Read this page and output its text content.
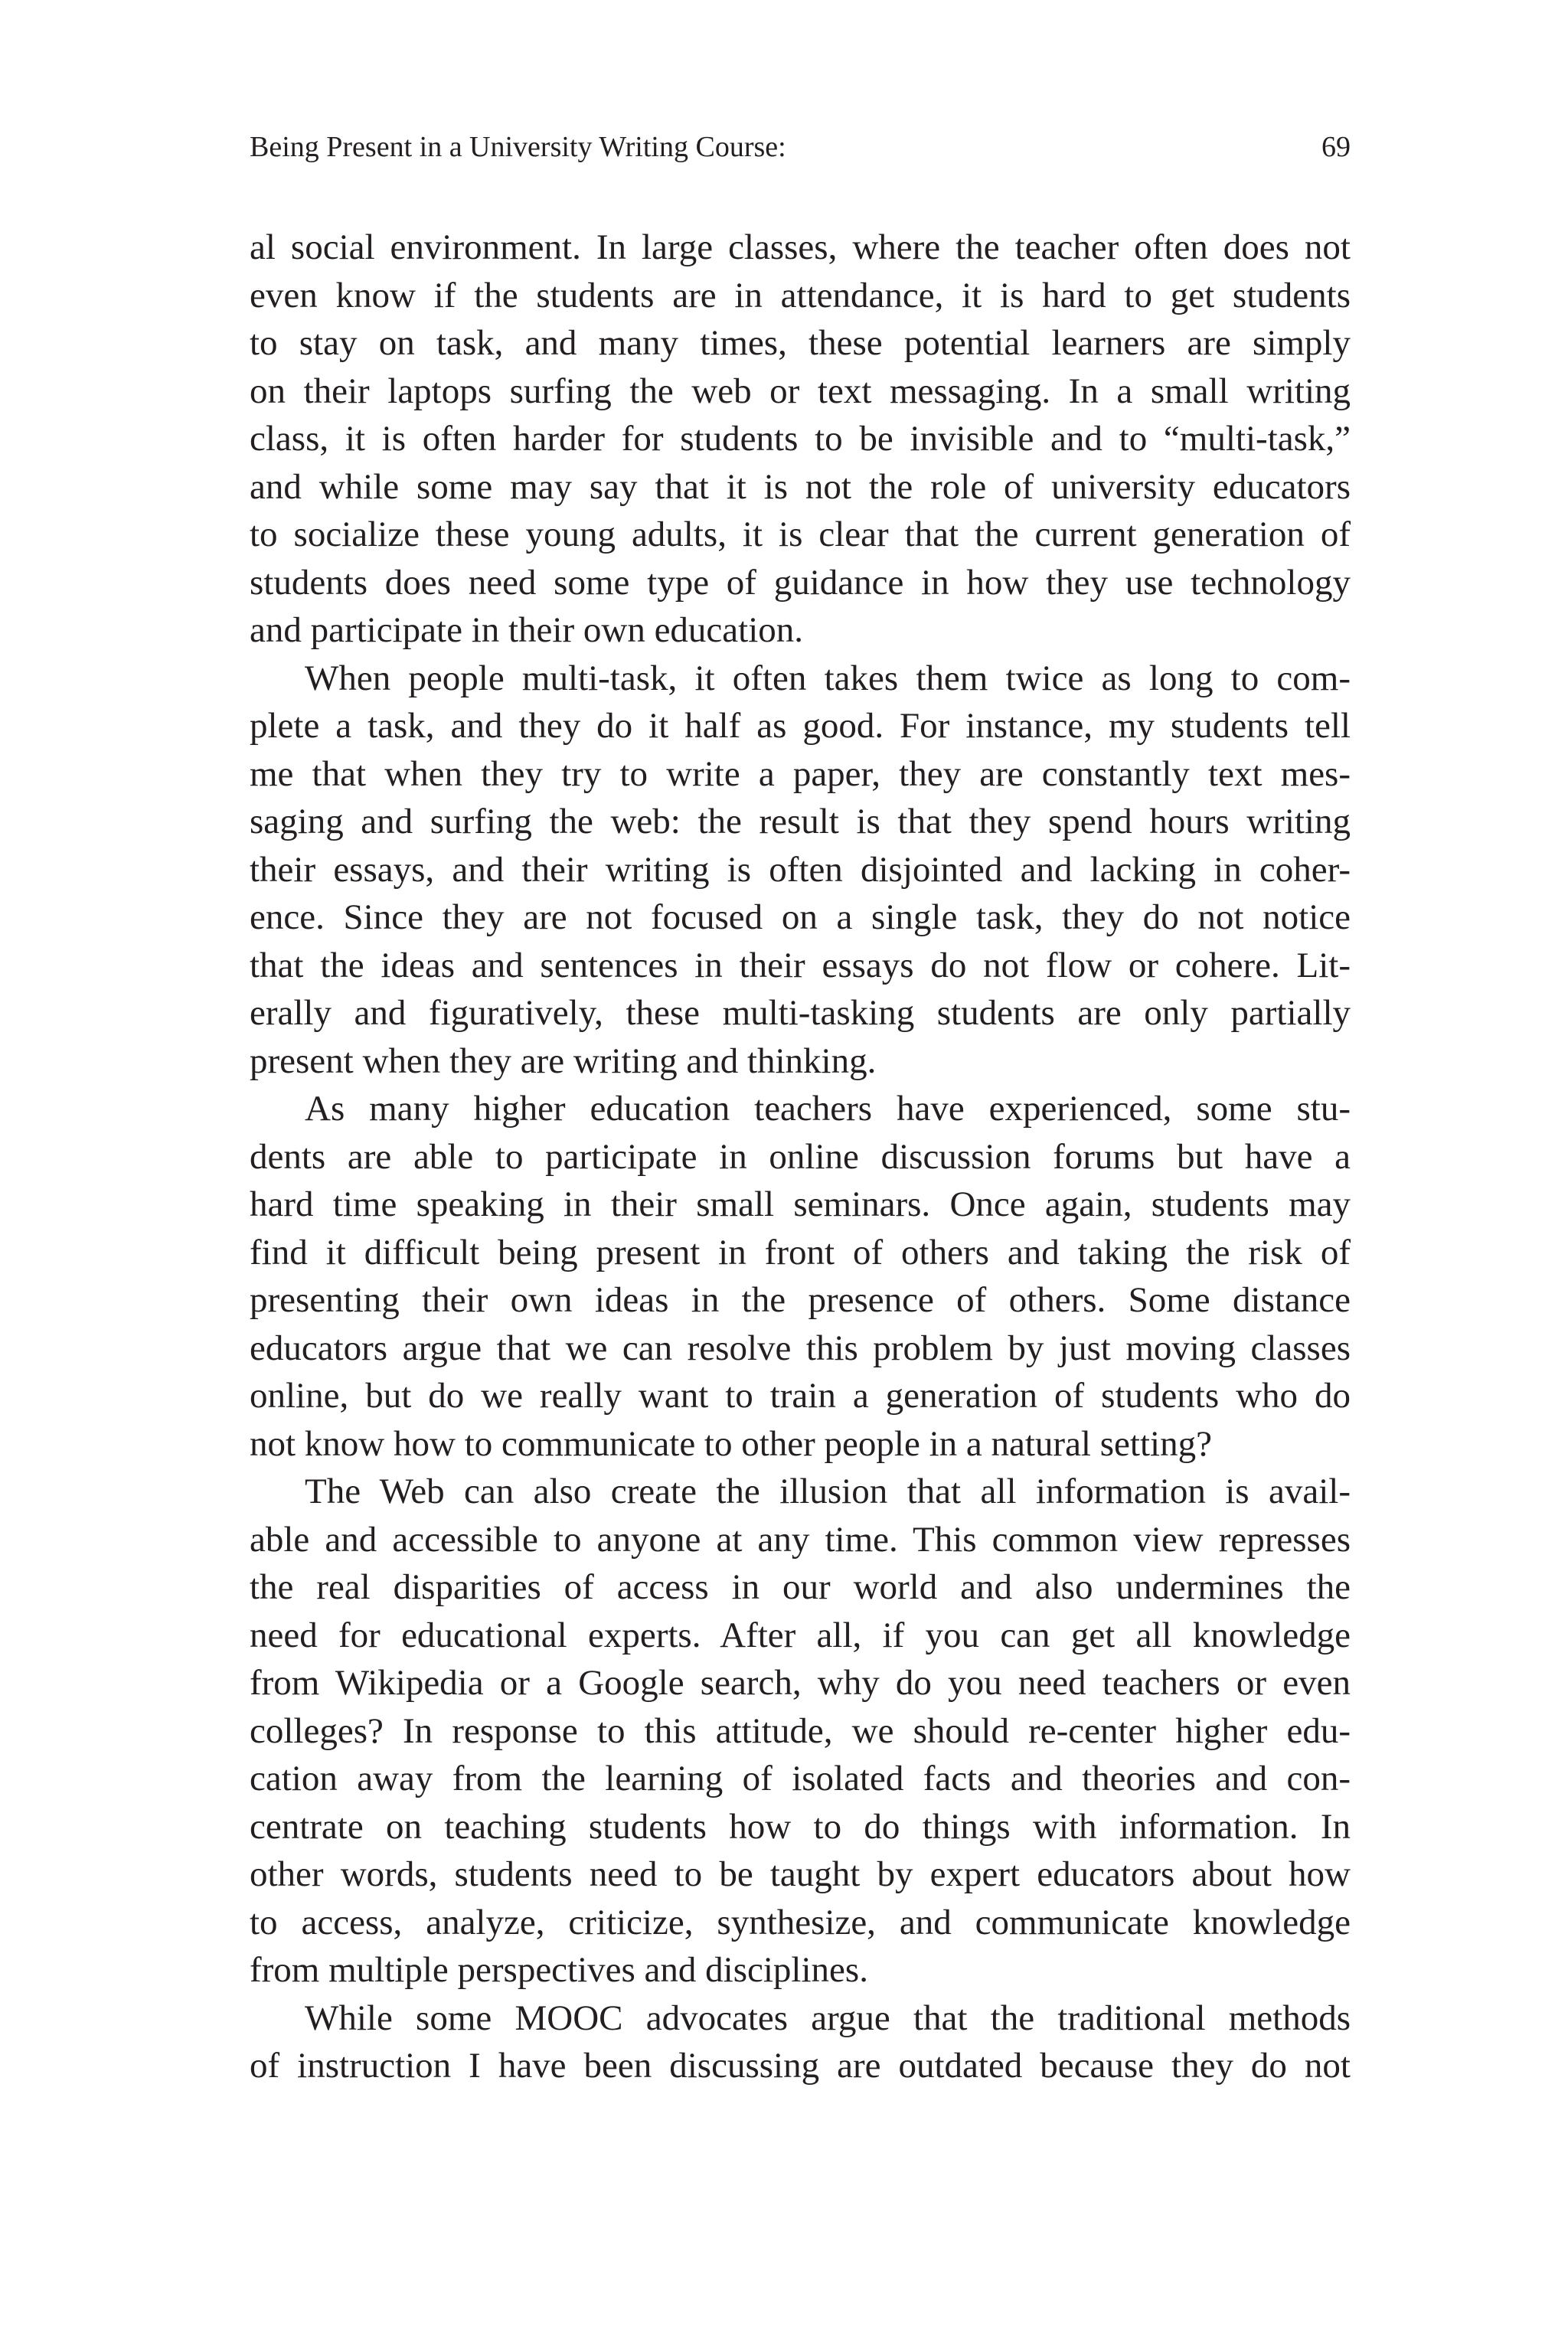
Being Present in a University Writing Course:	69
al social environment. In large classes, where the teacher often does not
even know if the students are in attendance, it is hard to get students
to stay on task, and many times, these potential learners are simply
on their laptops surfing the web or text messaging. In a small writing
class, it is often harder for students to be invisible and to “multi-task,”
and while some may say that it is not the role of university educators
to socialize these young adults, it is clear that the current generation of
students does need some type of guidance in how they use technology
and participate in their own education.
When people multi-task, it often takes them twice as long to com-
plete a task, and they do it half as good. For instance, my students tell
me that when they try to write a paper, they are constantly text mes-
saging and surfing the web: the result is that they spend hours writing
their essays, and their writing is often disjointed and lacking in coher-
ence. Since they are not focused on a single task, they do not notice
that the ideas and sentences in their essays do not flow or cohere. Lit-
erally and figuratively, these multi-tasking students are only partially
present when they are writing and thinking.
As many higher education teachers have experienced, some stu-
dents are able to participate in online discussion forums but have a
hard time speaking in their small seminars. Once again, students may
find it difficult being present in front of others and taking the risk of
presenting their own ideas in the presence of others. Some distance
educators argue that we can resolve this problem by just moving classes
online, but do we really want to train a generation of students who do
not know how to communicate to other people in a natural setting?
The Web can also create the illusion that all information is avail-
able and accessible to anyone at any time. This common view represses
the real disparities of access in our world and also undermines the
need for educational experts. After all, if you can get all knowledge
from Wikipedia or a Google search, why do you need teachers or even
colleges? In response to this attitude, we should re-center higher edu-
cation away from the learning of isolated facts and theories and con-
centrate on teaching students how to do things with information. In
other words, students need to be taught by expert educators about how
to access, analyze, criticize, synthesize, and communicate knowledge
from multiple perspectives and disciplines.
While some MOOC advocates argue that the traditional methods
of instruction I have been discussing are outdated because they do not
